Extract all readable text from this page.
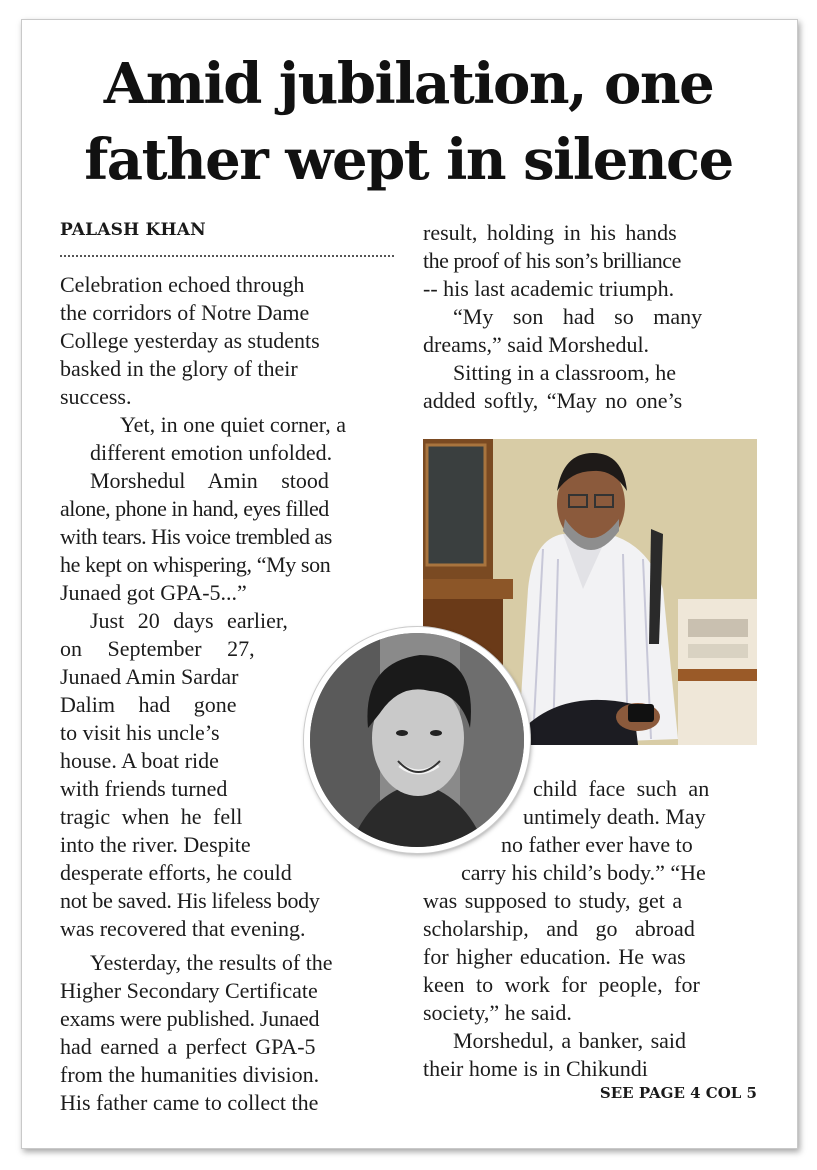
Amid jubilation, one
father wept in silence
PALASH KHAN

Celebration echoed through
the corridors of Notre Dame
College yesterday as students
basked in the glory of their
success.

Yet, in one quiet corner, a
different emotion unfolded.

Morshedul Amin stood
alone, phone in hand, eyes filled
with tears. His voice trembled as
he kept on whispering, “My son
Junaed got GPA-5...”

Just 20 days earlier,
on September 27,
Junaed Amin Sardar
Dalim had gone
to visit his uncle’s
house. A boat ride
with friends turned
tragic when he fell
into the river. Despite
desperate efforts, he could
not be saved. His lifeless body
was recovered that evening.

Yesterday, the results of the
Higher Secondary Certificate
exams were published. Junaed
had earned a perfect GPA-5
from the humanities division.
His father came to collect the

result, holding in his hands
the proof of his son’s brilliance
-- his last academic triumph.

“My son had so many
dreams,” said Morshedul.

Sitting in a classroom, he
added softly, “May no one’s

child face such an
untimely death. May
no father ever have to
carry his child’s body.” “He
was supposed to study, get a
scholarship, and go abroad
for higher education. He was
keen to work for people, for
society,” he said.

Morshedul, a banker, said
their home is in Chikundi

SEE PAGE 4 COL 5
